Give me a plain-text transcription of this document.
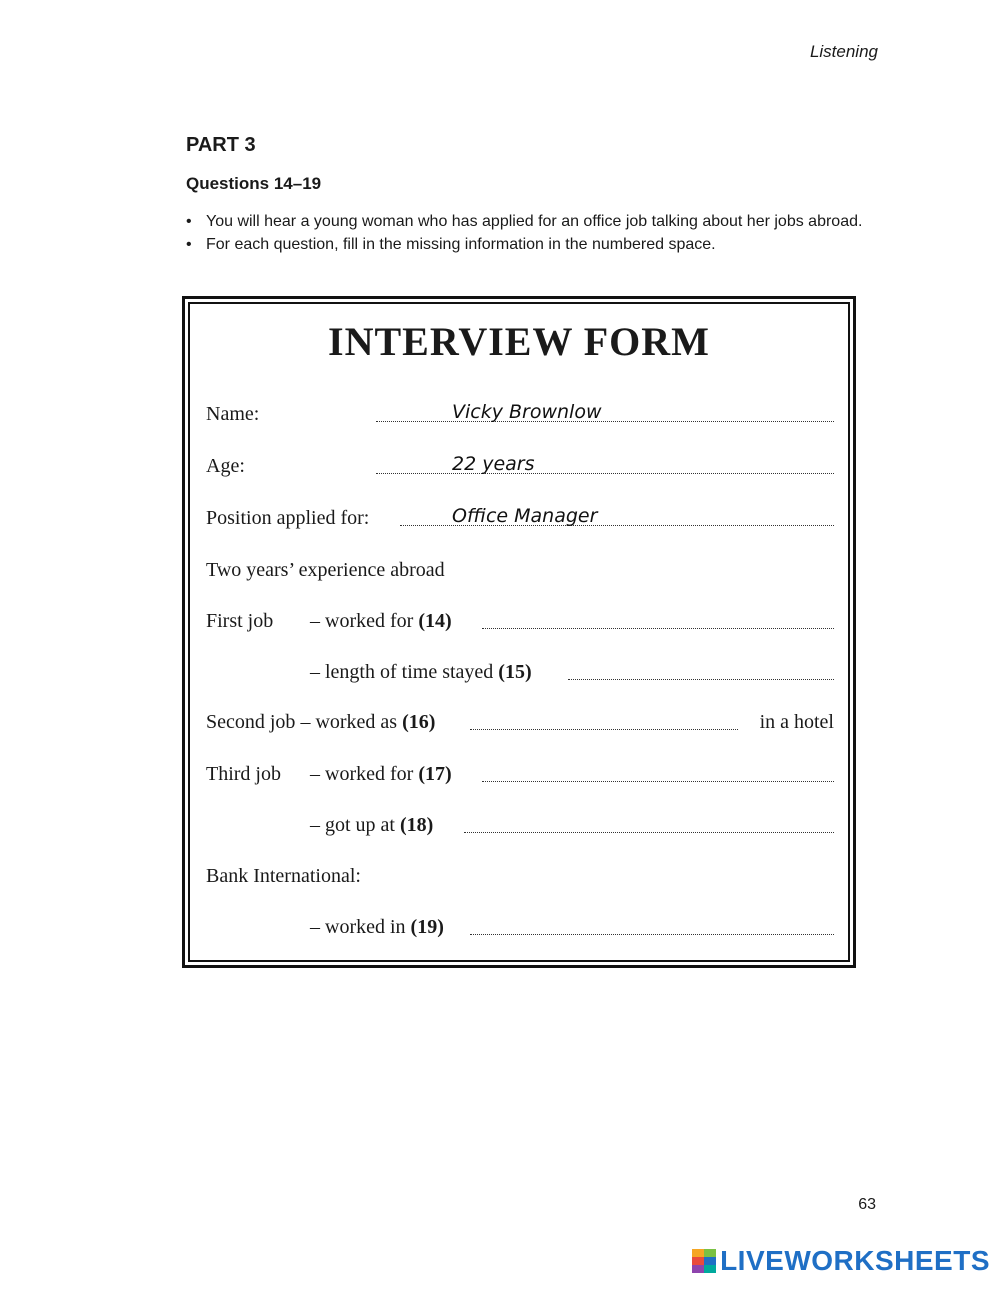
Listening
PART 3
Questions 14–19
• You will hear a young woman who has applied for an office job talking about her jobs abroad.
• For each question, fill in the missing information in the numbered space.
INTERVIEW FORM
Name:	Vicky Brownlow
Age:	22 years
Position applied for:	Office Manager
Two years’ experience abroad
First job – worked for (14)
– length of time stayed (15)
Second job – worked as (16)	in a hotel
Third job – worked for (17)
– got up at (18)
Bank International:
– worked in (19)
63
LIVEWORKSHEETS
